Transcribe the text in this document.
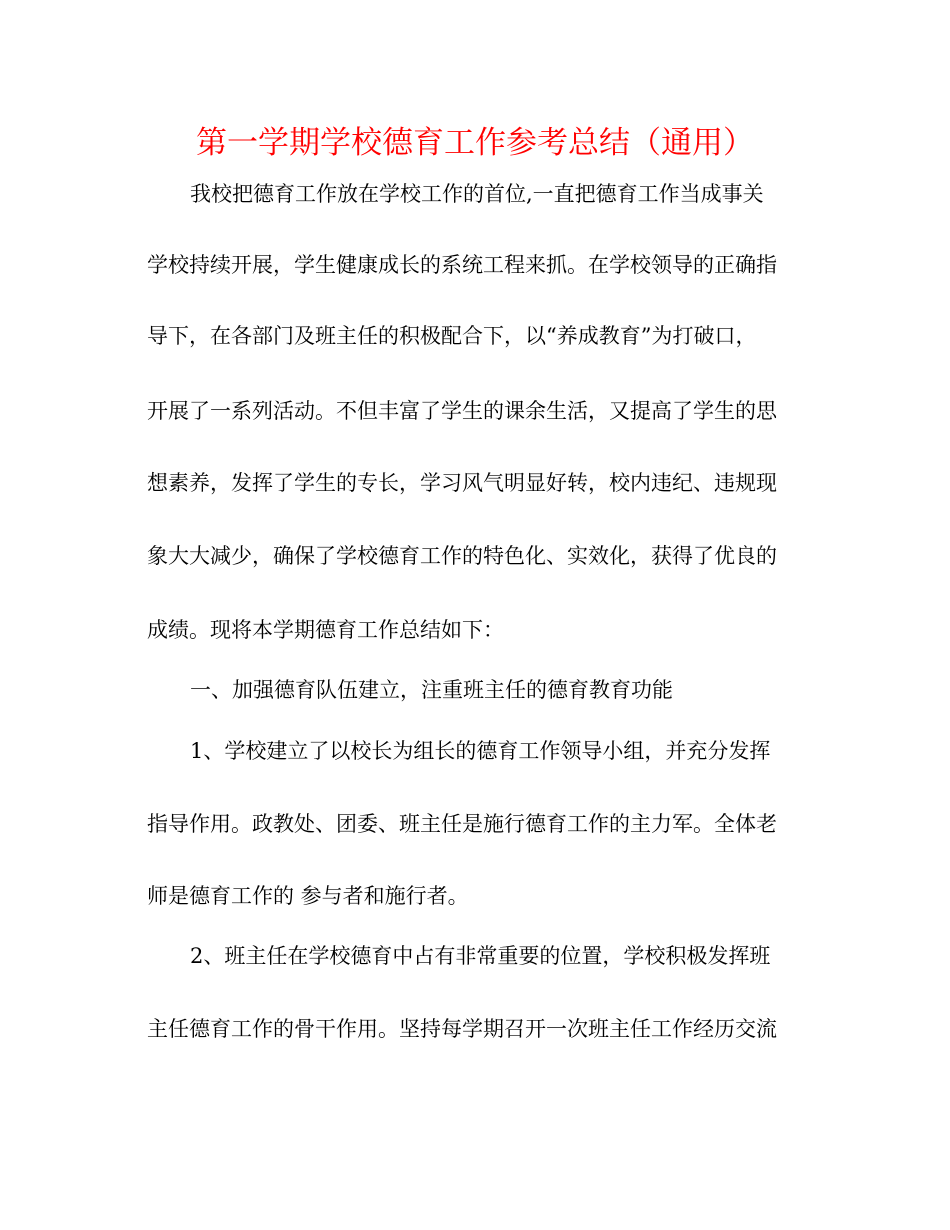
第一学期学校德育工作参考总结（通用）
我校把德育工作放在学校工作的首位,一直把德育工作当成事关
学校持续开展，学生健康成长的系统工程来抓。在学校领导的正确指
导下，在各部门及班主任的积极配合下，以“养成教育”为打破口，
开展了一系列活动。不但丰富了学生的课余生活，又提高了学生的思
想素养，发挥了学生的专长，学习风气明显好转，校内违纪、违规现
象大大减少，确保了学校德育工作的特色化、实效化，获得了优良的
成绩。现将本学期德育工作总结如下：
一、加强德育队伍建立，注重班主任的德育教育功能
1、学校建立了以校长为组长的德育工作领导小组，并充分发挥
指导作用。政教处、团委、班主任是施行德育工作的主力军。全体老
师是德育工作的 参与者和施行者。
2、班主任在学校德育中占有非常重要的位置，学校积极发挥班
主任德育工作的骨干作用。坚持每学期召开一次班主任工作经历交流
